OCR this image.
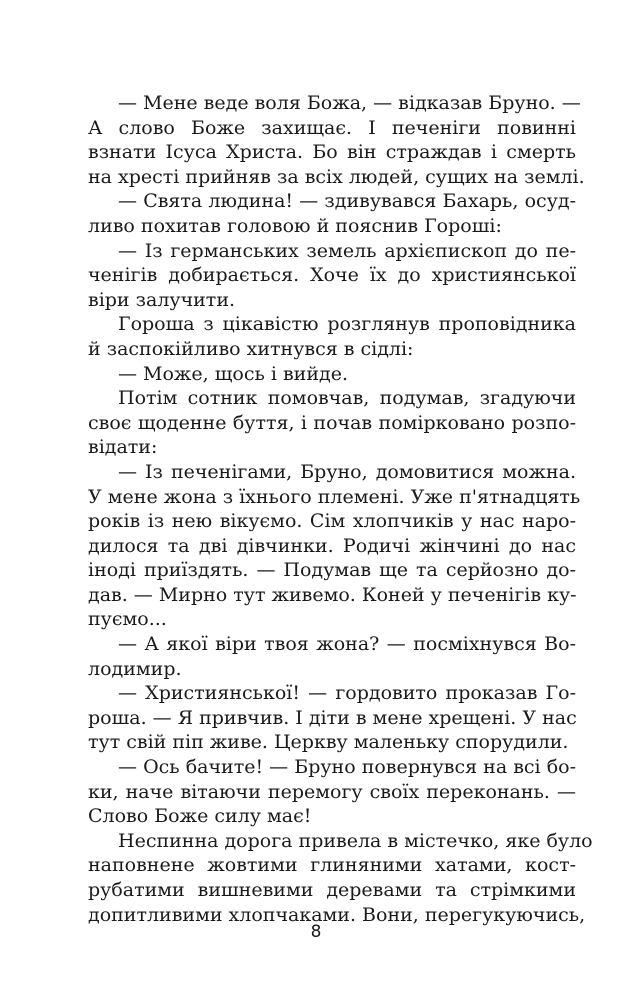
— Мене веде воля Божа, — відказав Бруно. —
А слово Боже захищає. І печеніги повинні
взнати Ісуса Христа. Бо він страждав і смерть
на хресті прийняв за всіх людей, сущих на землі.
— Свята людина! — здивувався Бахарь, осуд-
ливо похитав головою й пояснив Гороші:
— Із германських земель архієпископ до пе-
ченігів добирається. Хоче їх до християнської
віри залучити.
Горошa з цікавістю розглянув проповідника
й заспокійливо хитнувся в сідлі:
— Може, щось і вийде.
Потім сотник помовчав, подумав, згадуючи
своє щоденне буття, і почав поміркованo розпо-
відати:
— Із печенігами, Бруно, домовитися можна.
У мене жона з їхнього племені. Уже п'ятнадцять
років із нею вікуємо. Сім хлопчиків у нас наро-
дилося та дві дівчинки. Родичі жінчині до нас
іноді приїздять. — Подумав ще та серйозно до-
дав. — Мирно тут живемо. Коней у печенігів ку-
пуємо...
— А якої віри твоя жона? — посміхнувся Во-
лодимир.
— Християнської! — гордовито проказав Го-
роша. — Я привчив. І діти в мене хрещені. У нас
тут свій піп живе. Церкву маленьку спорудили.
— Ось бачите! — Бруно повернувся на всі бо-
ки, наче вітаючи перемогу своїх переконань. —
Слово Боже силу має!
Неспинна дорога привела в містечко, яке було
наповнене жовтими глиняними хатами, кост-
рубатими вишневими деревами та стрімкими
допитливими хлопчаками. Вони, перегукуючись,
8
